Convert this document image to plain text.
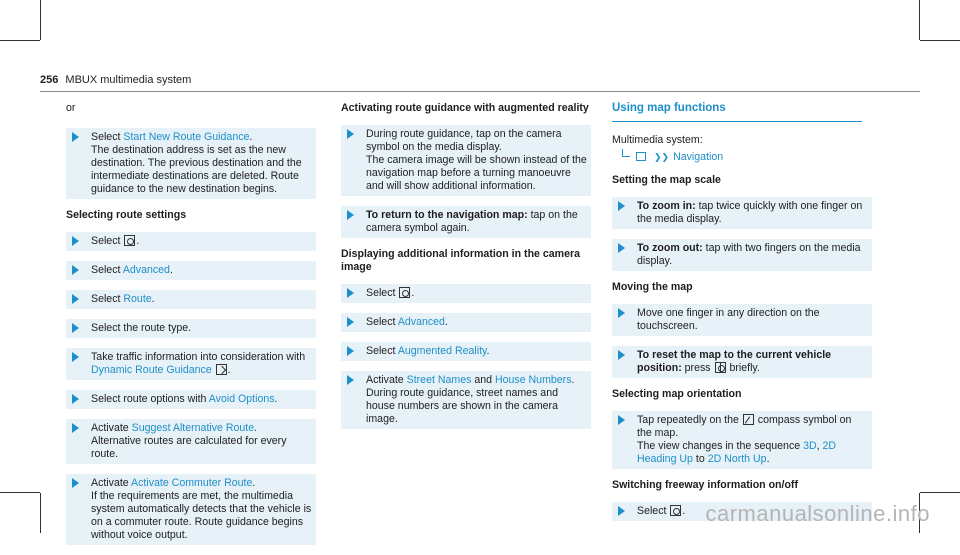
256 MBUX multimedia system
or
Select Start New Route Guidance.
The destination address is set as the new destination. The previous destination and the intermediate destinations are deleted. Route guidance to the new destination begins.
Selecting route settings
Select .
Select Advanced.
Select Route.
Select the route type.
Take traffic information into consideration with Dynamic Route Guidance .
Select route options with Avoid Options.
Activate Suggest Alternative Route.
Alternative routes are calculated for every route.
Activate Activate Commuter Route.
If the requirements are met, the multimedia system automatically detects that the vehicle is on a commuter route. Route guidance begins without voice output.
Activating route guidance with augmented reality
During route guidance, tap on the camera symbol on the media display.
The camera image will be shown instead of the navigation map before a turning manoeuvre and will show additional information.
To return to the navigation map: tap on the camera symbol again.
Displaying additional information in the camera image
Select .
Select Advanced.
Select Augmented Reality.
Activate Street Names and House Numbers.
During route guidance, street names and house numbers are shown in the camera image.
Using map functions
Multimedia system:
❯❯ Navigation
Setting the map scale
To zoom in: tap twice quickly with one finger on the media display.
To zoom out: tap with two fingers on the media display.
Moving the map
Move one finger in any direction on the touchscreen.
To reset the map to the current vehicle position: press  briefly.
Selecting map orientation
Tap repeatedly on the  compass symbol on the map.
The view changes in the sequence 3D, 2D Heading Up to 2D North Up.
Switching freeway information on/off
Select . carmanualsonline.info
